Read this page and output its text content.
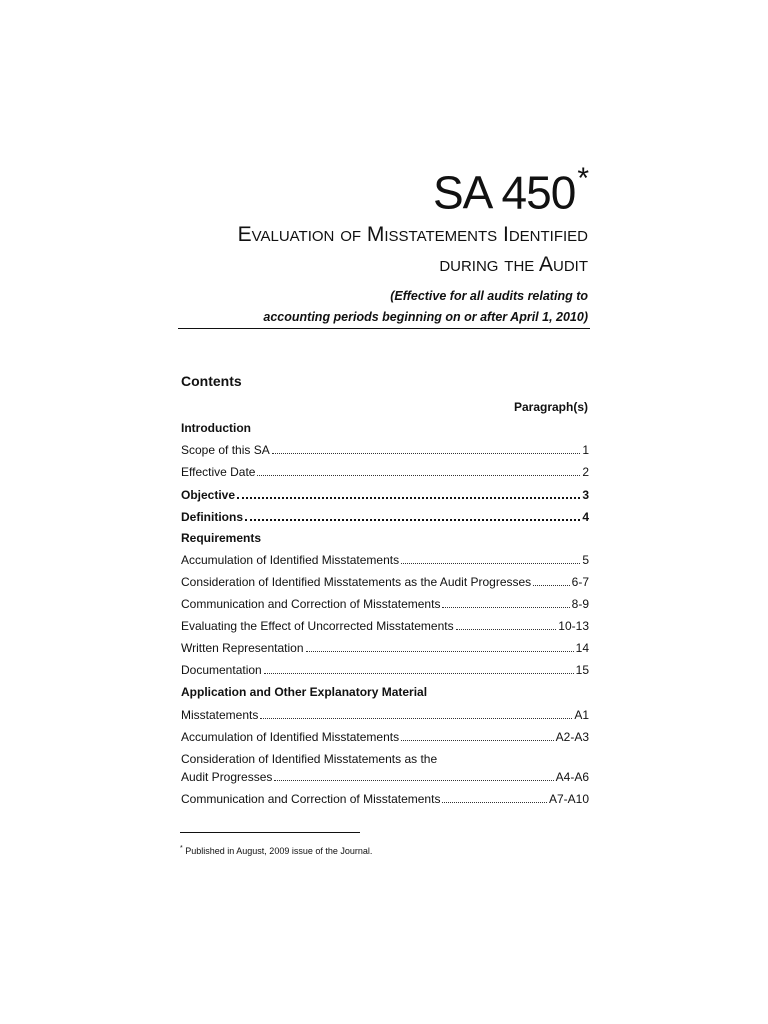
SA 450*
Evaluation of Misstatements Identified
during the Audit
(Effective for all audits relating to
accounting periods beginning on or after April 1, 2010)
Contents
Paragraph(s)
Introduction
Scope of this SA	1
Effective Date	2
Objective	3
Definitions	4
Requirements
Accumulation of Identified Misstatements	5
Consideration of Identified Misstatements as the Audit Progresses	6-7
Communication and Correction of Misstatements	8-9
Evaluating the Effect of Uncorrected Misstatements	10-13
Written Representation	14
Documentation	15
Application and Other Explanatory Material
Misstatements	A1
Accumulation of Identified Misstatements	A2-A3
Consideration of Identified Misstatements as the
Audit Progresses	A4-A6
Communication and Correction of Misstatements	A7-A10
* Published in August, 2009 issue of the Journal.
